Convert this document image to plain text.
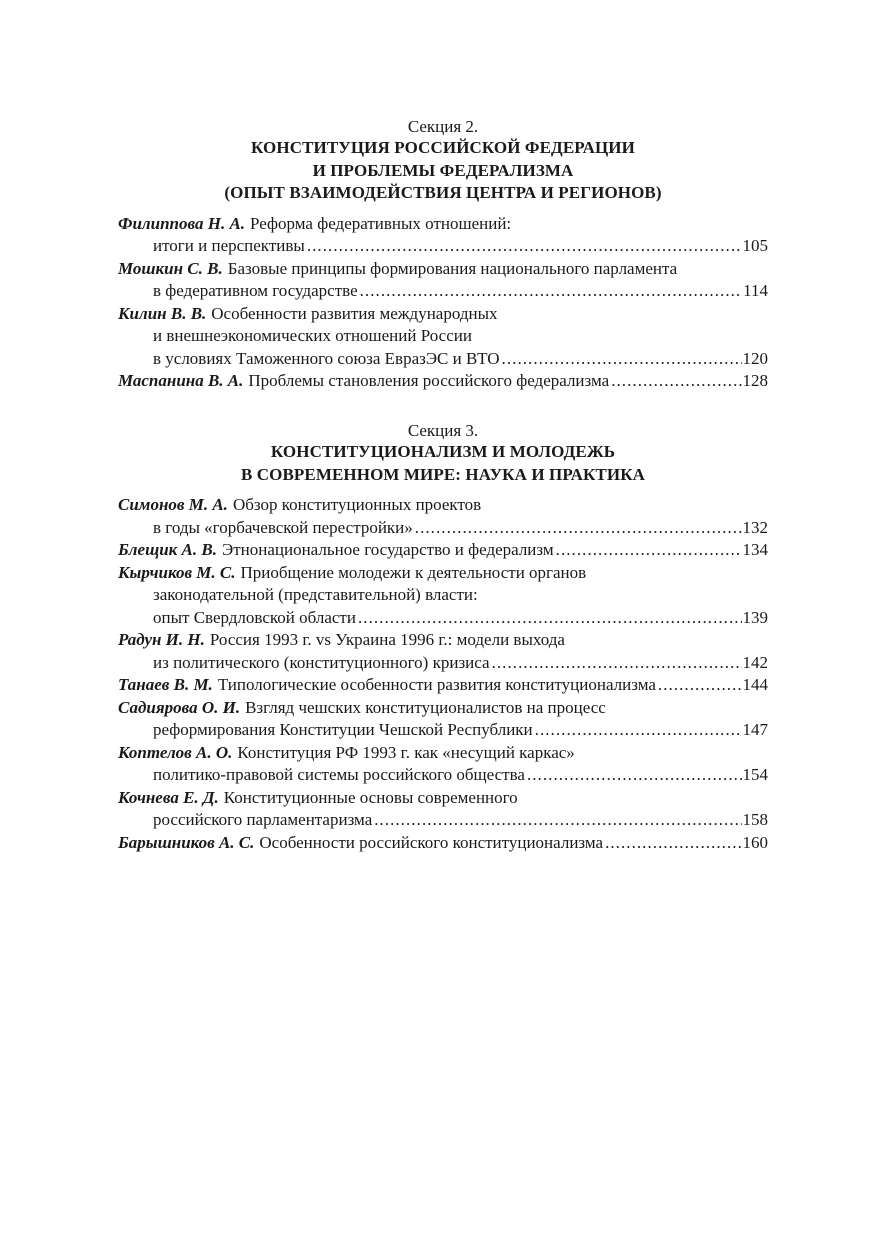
Секция 2.

КОНСТИТУЦИЯ РОССИЙСКОЙ ФЕДЕРАЦИИ

И ПРОБЛЕМЫ ФЕДЕРАЛИЗМА

(ОПЫТ ВЗАИМОДЕЙСТВИЯ ЦЕНТРА И РЕГИОНОВ)

Филиппова Н. А. Реформа федеративных отношений:
итоги и перспективы . . .	105
Мошкин С. В. Базовые принципы формирования национального парламента
в федеративном государстве . . .	114
Килин В. В. Особенности развития международных
и внешнеэкономических отношений России
в условиях Таможенного союза ЕвразЭС и ВТО . . .	120
Маспанина В. А. Проблемы становления российского федерализма . . .	128

Секция 3.

КОНСТИТУЦИОНАЛИЗМ И МОЛОДЕЖЬ

В СОВРЕМЕННОМ МИРЕ: НАУКА И ПРАКТИКА

Симонов М. А. Обзор конституционных проектов
в годы «горбачевской перестройки» . . .	132
Блещик А. В. Этнонациональное государство и федерализм . . .	134
Кырчиков М. С. Приобщение молодежи к деятельности органов
законодательной (представительной) власти:
опыт Свердловской области . . .	139
Радун И. Н. Россия 1993 г. vs Украина 1996 г.: модели выхода
из политического (конституционного) кризиса . . .	142
Танаев В. М. Типологические особенности развития конституционализма . . .	144
Садиярова О. И. Взгляд чешских конституционалистов на процесс
реформирования Конституции Чешской Республики . . .	147
Коптелов А. О. Конституция РФ 1993 г. как «несущий каркас»
политико-правовой системы российского общества . . .	154
Кочнева Е. Д. Конституционные основы современного
российского парламентаризма . . .	158
Барышников А. С. Особенности российского конституционализма . . .	160
